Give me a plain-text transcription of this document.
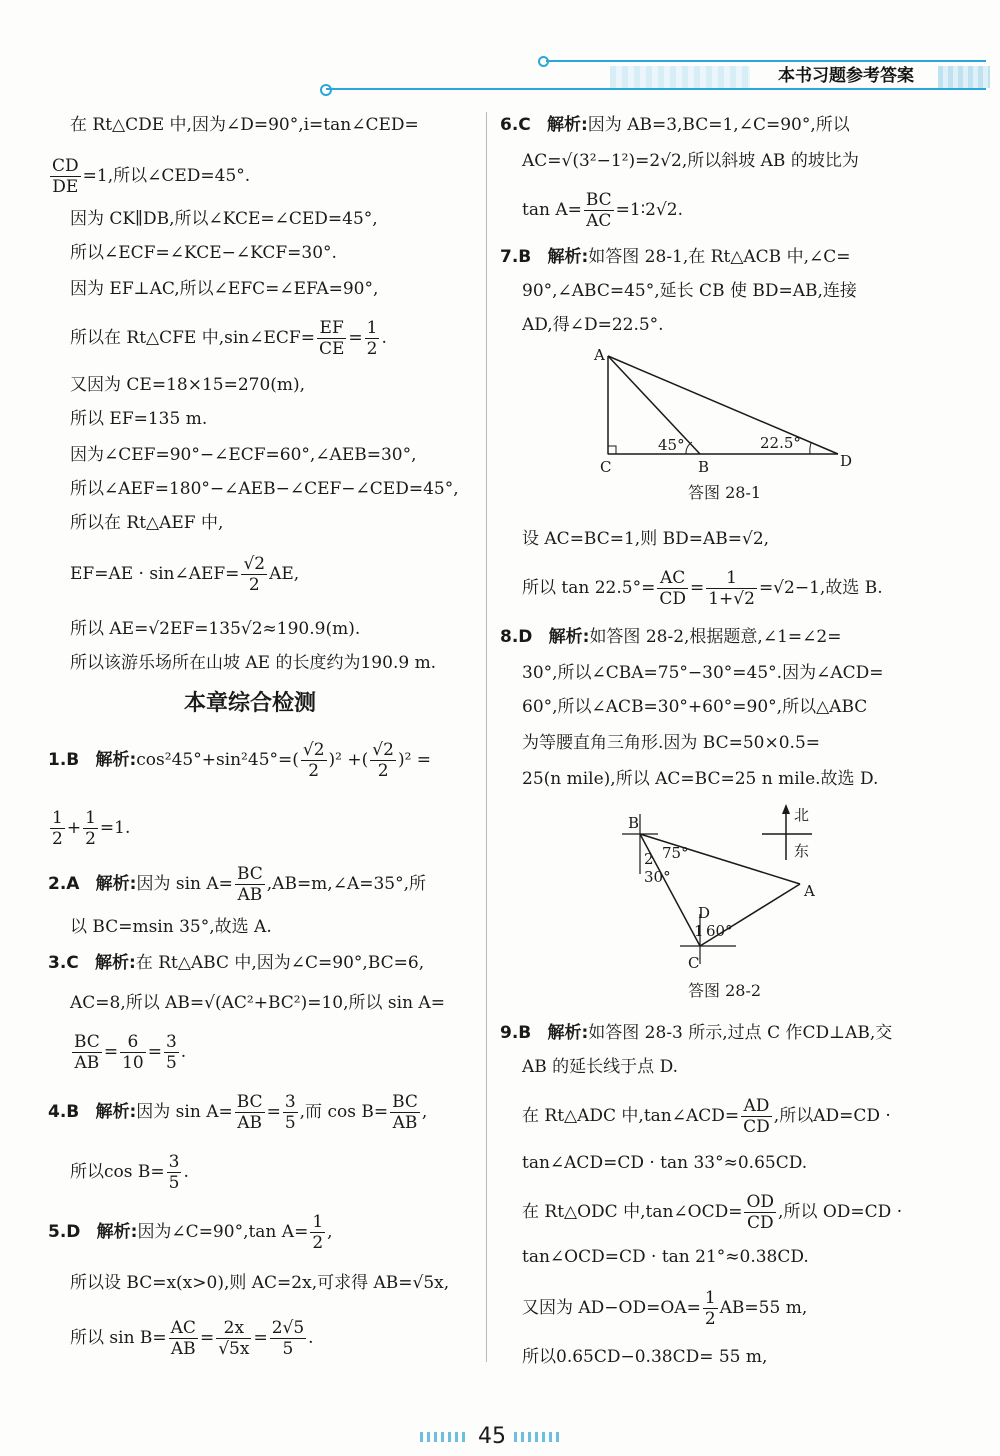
本书习题参考答案
在 Rt△CDE 中,因为∠D=90°,i=tan∠CED=
$\frac{CD}{DE} =1$,所以∠CED=45°.
因为 CK∥DB,所以∠KCE=∠CED=45°,
所以∠ECF=∠KCE−∠KCF=30°.
因为 EF⊥AC,所以∠EFC=∠EFA=90°,
所以在 Rt△CFE 中,sin∠ECF= $\frac{EF}{CE} = \frac{1}{2}$ .
又因为 CE=18×15=270(m),
所以 EF=135 m.
因为∠CEF=90°−∠ECF=60°,∠AEB=30°,
所以∠AEF=180°−∠AEB−∠CEF−∠CED=45°,
所以在 Rt△AEF 中,
EF=AE · sin∠AEF= $\frac{√2}{2}$ AE,
所以 AE=√2EF=135√2≈190.9(m).
所以该游乐场所在山坡 AE 的长度约为190.9 m.
本章综合检测
1.B 解析:cos²45°+sin²45°=( $\frac{√2}{2} )^2$ +( $\frac{√2}{2} )^2$ =
$\frac{1}{2} + \frac{1}{2} =1$.
2.A 解析:因为 $\sin A= \frac{BC}{AB}$ ,AB=m,∠A=35°,所
以 BC=msin 35°,故选 A.
3.C 解析:在 Rt△ABC 中,因为∠C=90°,BC=6,
AC=8,所以 AB=√(AC²+BC²)=10,所以 sin A=
$\frac{BC}{AB} = \frac{6}{10} = \frac{3}{5}$ .
4.B 解析:因为 $\sin A= \frac{BC}{AB} = \frac{3}{5}$ ,而 $\cos B= \frac{BC}{AB}$ ,
所以$\cos B= \frac{3}{5}$ .
5.D 解析:因为∠C=90°,tan $A= \frac{1}{2}$ ,
所以设 BC=x(x>0),则 AC=2x,可求得 AB=√5x,
所以 $\sin B= \frac{AC}{AB} = \frac{2x}{√5x} = \frac{2√5}{5}$ .
6.C 解析:因为 AB=3,BC=1,∠C=90°,所以
AC=√(3²−1²)=2√2,所以斜坡 AB 的坡比为
$\tan A= \frac{BC}{AC}$ =1∶2√2.
7.B 解析:如答图 28-1,在 Rt△ACB 中,∠C=
90°,∠ABC=45°,延长 CB 使 BD=AB,连接
AD,得∠D=22.5°.
A
C	B	D
45°	22.5°
答图 28-1
设 AC=BC=1,则 BD=AB=√2,
所以 $\tan 22.5^\circ= \frac{AC}{CD} = \frac{1}{1+√2} =√2-1$,故选 B.
8.D 解析:如答图 28-2,根据题意,∠1=∠2=
30°,所以∠CBA=75°−30°=45°.因为∠ACD=
60°,所以∠ACB=30°+60°=90°,所以△ABC
为等腰直角三角形.因为 BC=50×0.5=
25(n mile),所以 AC=BC=25 n mile.故选 D.
北
东
B
A
C
D
75°
30°
2
1 60°
答图 28-2
9.B 解析:如答图 28-3 所示,过点 C 作CD⊥AB,交
AB 的延长线于点 D.
在 Rt△ADC 中,tan∠ACD= $\frac{AD}{CD}$ ,所以AD=CD ·
tan∠ACD=CD · tan 33°≈0.65CD.
在 Rt△ODC 中,tan∠OCD= $\frac{OD}{CD}$ ,所以 OD=CD ·
tan∠OCD=CD · tan 21°≈0.38CD.
又因为 $AD-OD=OA= \frac{1}{2} AB=55$ m,
所以0.65CD−0.38CD= 55 m,
45
